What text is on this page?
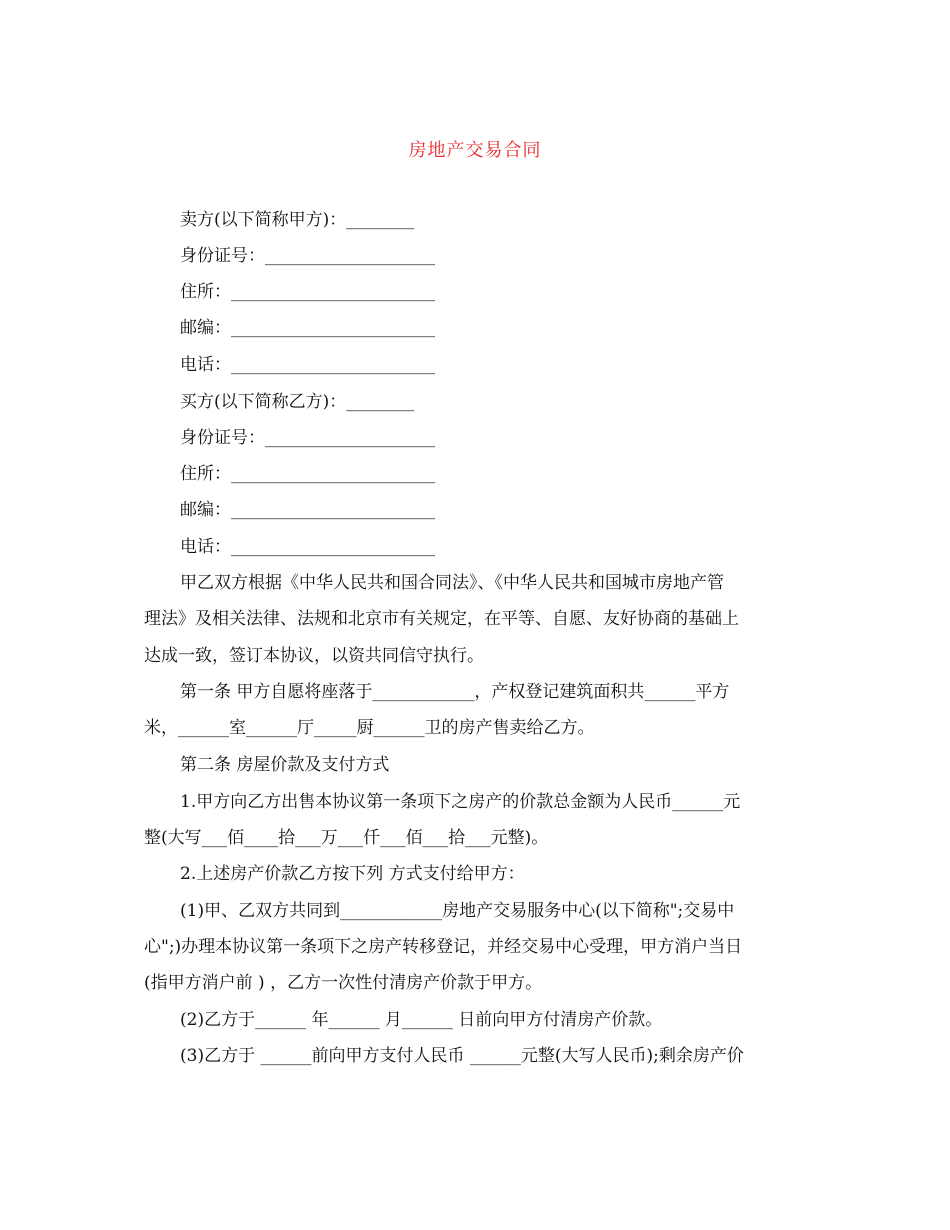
房地产交易合同
卖方(以下简称甲方)：________
身份证号：____________________
住所：________________________
邮编：________________________
电话：________________________
买方(以下简称乙方)：________
身份证号：____________________
住所：________________________
邮编：________________________
电话：________________________
甲乙双方根据《中华人民共和国合同法》、《中华人民共和国城市房地产管
理法》及相关法律、法规和北京市有关规定，在平等、自愿、友好协商的基础上
达成一致，签订本协议，以资共同信守执行。
第一条 甲方自愿将座落于____________，产权登记建筑面积共______平方
米，______室______厅_____厨______卫的房产售卖给乙方。
第二条 房屋价款及支付方式
1.甲方向乙方出售本协议第一条项下之房产的价款总金额为人民币______元
整(大写___佰____拾___万___仟___佰___拾___元整)。
2.上述房产价款乙方按下列 方式支付给甲方：
(1)甲、乙双方共同到____________房地产交易服务中心(以下简称";交易中
心";)办理本协议第一条项下之房产转移登记，并经交易中心受理，甲方消户当日
(指甲方消户前 ) ，乙方一次性付清房产价款于甲方。
(2)乙方于______ 年______ 月______ 日前向甲方付清房产价款。
(3)乙方于 ______前向甲方支付人民币 ______元整(大写人民币);剩余房产价
